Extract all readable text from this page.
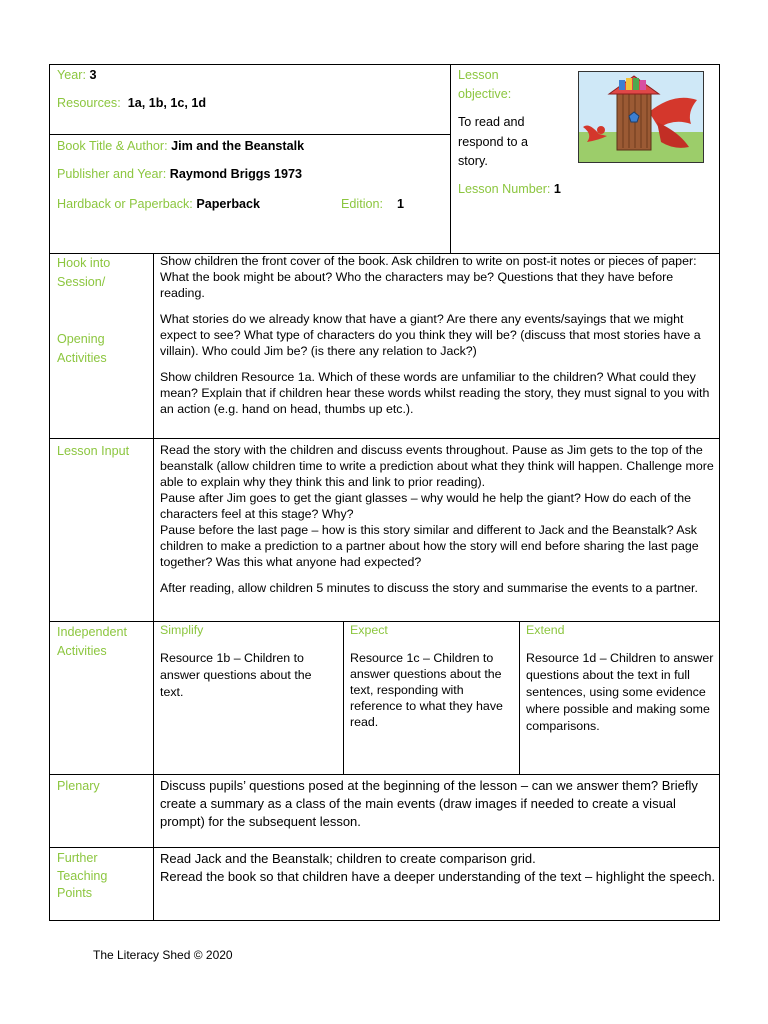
Year: 3
Resources: 1a, 1b, 1c, 1d
Book Title & Author: Jim and the Beanstalk
Publisher and Year: Raymond Briggs 1973
Hardback or Paperback: Paperback	Edition: 1
Lesson
objective:
To read and
respond to a
story.
Lesson Number: 1
Hook into
Session/
Opening
Activities

Show children the front cover of the book. Ask children to write on post-it notes or pieces of paper: What the book might be about? Who the characters may be? Questions that they have before reading.

What stories do we already know that have a giant? Are there any events/sayings that we might expect to see? What type of characters do you think they will be? (discuss that most stories have a villain). Who could Jim be? (is there any relation to Jack?)

Show children Resource 1a. Which of these words are unfamiliar to the children? What could they mean? Explain that if children hear these words whilst reading the story, they must signal to you with an action (e.g. hand on head, thumbs up etc.).

Lesson Input Read the story with the children and discuss events throughout. Pause as Jim gets to the top of the beanstalk (allow children time to write a prediction about what they think will happen. Challenge more able to explain why they think this and link to prior reading).

Pause after Jim goes to get the giant glasses – why would he help the giant? How do each of the characters feel at this stage? Why?

Pause before the last page – how is this story similar and different to Jack and the Beanstalk? Ask children to make a prediction to a partner about how the story will end before sharing the last page together? Was this what anyone had expected?

After reading, allow children 5 minutes to discuss the story and summarise the events to a partner.

Independent
Activities
Simplify
Resource 1b – Children to answer questions about the text.
Expect
Resource 1c – Children to answer questions about the text, responding with reference to what they have read.
Extend
Resource 1d – Children to answer questions about the text in full sentences, using some evidence where possible and making some comparisons.
Plenary	Discuss pupils’ questions posed at the beginning of the lesson – can we answer them? Briefly create a summary as a class of the main events (draw images if needed to create a visual prompt) for the subsequent lesson.
Further
Teaching
Points

Read Jack and the Beanstalk; children to create comparison grid.

Reread the book so that children have a deeper understanding of the text – highlight the speech.

The Literacy Shed © 2020
